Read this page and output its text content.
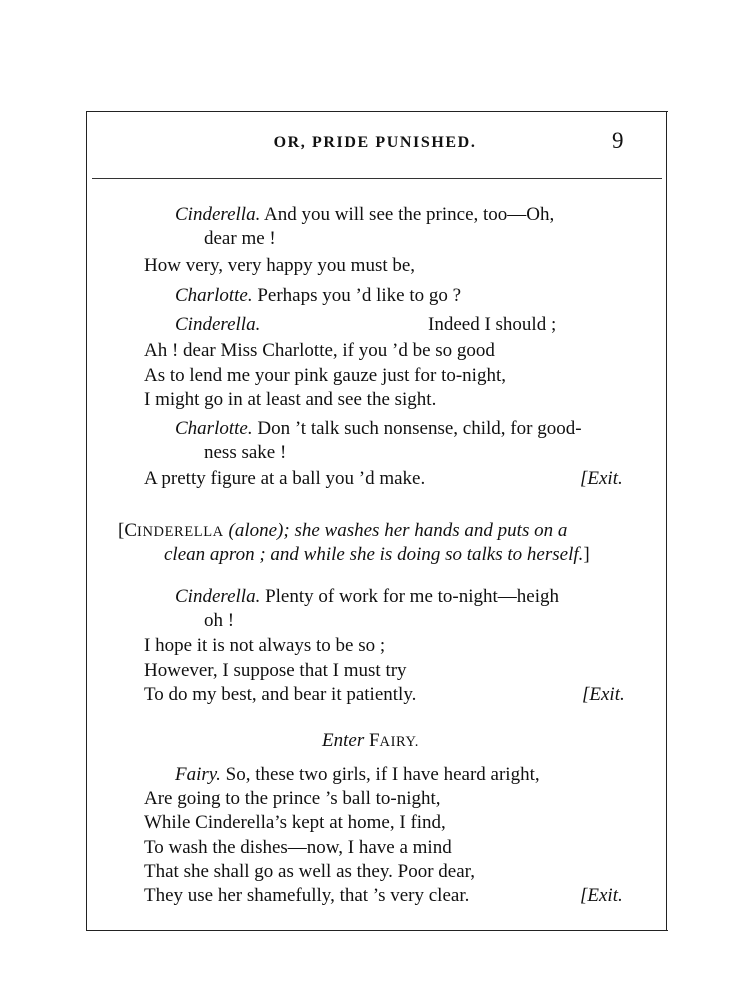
OR, PRIDE PUNISHED.	9
Cinderella. And you will see the prince, too—Oh,
dear me !
How very, very happy you must be,
Charlotte. Perhaps you ’d like to go ?
Cinderella.	Indeed I should ;
Ah ! dear Miss Charlotte, if you ’d be so good
As to lend me your pink gauze just for to-night,
I might go in at least and see the sight.
Charlotte. Don ’t talk such nonsense, child, for good-
ness sake !
A pretty figure at a ball you ’d make.	[Exit.
[CINDERELLA (alone); she washes her hands and puts on a
clean apron ; and while she is doing so talks to herself.]
Cinderella. Plenty of work for me to-night—heigh
oh !
I hope it is not always to be so ;
However, I suppose that I must try
To do my best, and bear it patiently.	[Exit.
Enter FAIRY.
Fairy. So, these two girls, if I have heard aright,
Are going to the prince ’s ball to-night,
While Cinderella’s kept at home, I find,
To wash the dishes—now, I have a mind
That she shall go as well as they. Poor dear,
They use her shamefully, that ’s very clear.	[Exit.
